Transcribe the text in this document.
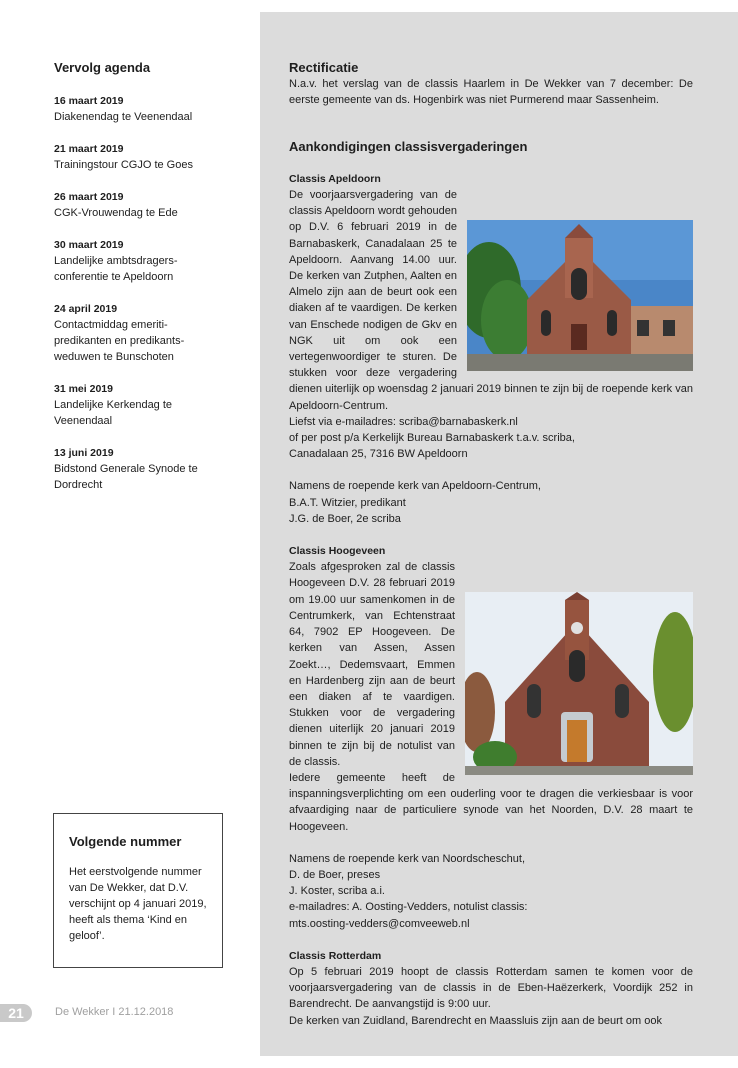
Vervolg agenda
16 maart 2019
Diakenendag te Veenendaal
21 maart 2019
Trainingstour CGJO te Goes
26 maart 2019
CGK-Vrouwendag te Ede
30 maart 2019
Landelijke ambtsdragers-
conferentie te Apeldoorn
24 april 2019
Contactmiddag emeriti-
predikanten en predikants-
weduwen te Bunschoten
31 mei 2019
Landelijke Kerkendag te
Veenendaal
13 juni 2019
Bidstond Generale Synode te
Dordrecht
Volgende nummer

Het eerstvolgende nummer
van De Wekker, dat D.V.
verschijnt op 4 januari 2019,
heeft als thema ‘Kind en
geloof’.

21	De Wekker I 21.12.2018
Rectificatie

N.a.v. het verslag van de classis Haarlem in De Wekker van 7 december: De eerste gemeente van ds. Hogenbirk was niet Purmerend maar Sassenheim.

Aankondigingen classisvergaderingen
Classis Apeldoorn

De voorjaarsvergadering van de classis Apeldoorn wordt gehouden op D.V. 6 februari 2019 in de Barnabaskerk, Canadalaan 25 te Apeldoorn. Aanvang 14.00 uur. De kerken van Zutphen, Aalten en Almelo zijn aan de beurt ook een diaken af te vaardigen. De kerken van Enschede nodigen de Gkv en NGK uit om ook een vertegenwoordiger te sturen. De stukken voor deze vergadering dienen uiterlijk op woensdag 2 januari 2019 binnen te zijn bij de roepende kerk van Apeldoorn-Centrum.

Liefst via e-mailadres: scriba@barnabaskerk.nl

of per post p/a Kerkelijk Bureau Barnabaskerk t.a.v. scriba,

Canadalaan 25, 7316 BW Apeldoorn

Namens de roepende kerk van Apeldoorn-Centrum,

B.A.T. Witzier, predikant

J.G. de Boer, 2e scriba

Classis Hoogeveen

Zoals afgesproken zal de classis Hoogeveen D.V. 28 februari 2019 om 19.00 uur samenkomen in de Centrumkerk, van Echtenstraat 64, 7902 EP Hoogeveen. De kerken van Assen, Assen Zoekt…, Dedemsvaart, Emmen en Hardenberg zijn aan de beurt een diaken af te vaardigen. Stukken voor de vergadering dienen uiterlijk 20 januari 2019 binnen te zijn bij de notulist van de classis.

Iedere gemeente heeft de inspanningsverplichting om een ouderling voor te dragen die verkiesbaar is voor afvaardiging naar de particuliere synode van het Noorden, D.V. 28 maart te Hoogeveen.

Namens de roepende kerk van Noordscheschut,

D. de Boer, preses

J. Koster, scriba a.i.

e-mailadres: A. Oosting-Vedders, notulist classis:

mts.oosting-vedders@comveeweb.nl

Classis Rotterdam

Op 5 februari 2019 hoopt de classis Rotterdam samen te komen voor de voorjaarsvergadering van de classis in de Eben-Haëzerkerk, Voordijk 252 in Barendrecht. De aanvangstijd is 9:00 uur.

De kerken van Zuidland, Barendrecht en Maassluis zijn aan de beurt om ook
